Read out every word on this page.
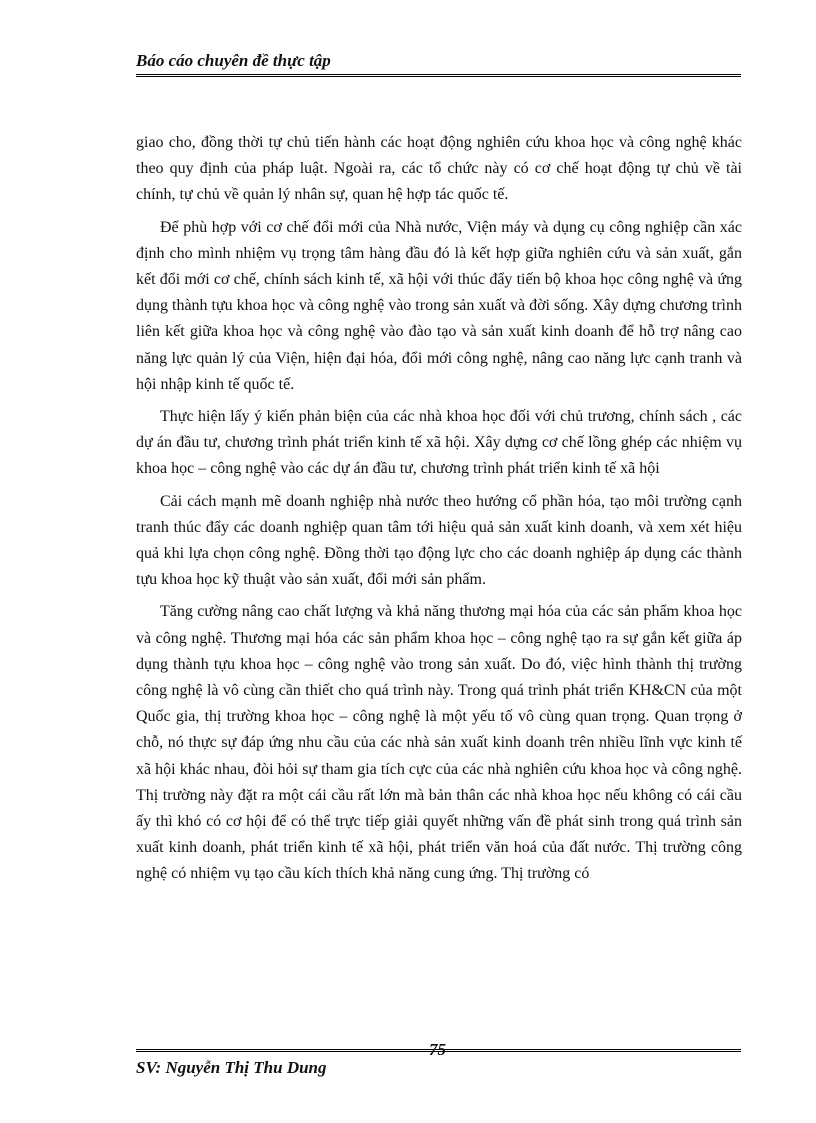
Báo cáo chuyên đề thực tập

giao cho, đồng thời tự chủ tiến hành các hoạt động nghiên cứu khoa học và công nghệ khác theo quy định của pháp luật. Ngoài ra, các tổ chức này có cơ chế hoạt động tự chủ về tài chính, tự chủ về quản lý nhân sự, quan hệ hợp tác quốc tế.

Để phù hợp với cơ chế đổi mới của Nhà nước, Viện máy và dụng cụ công nghiệp cần xác định cho mình nhiệm vụ trọng tâm hàng đầu đó là kết hợp giữa nghiên cứu và sản xuất, gắn kết đổi mới cơ chế, chính sách kinh tế, xã hội với thúc đẩy tiến bộ khoa học công nghệ và ứng dụng thành tựu khoa học và công nghệ vào trong sản xuất và đời sống. Xây dựng chương trình liên kết giữa khoa học và công nghệ vào đào tạo và sản xuất kinh doanh để hỗ trợ nâng cao năng lực quản lý của Viện, hiện đại hóa, đổi mới công nghệ, nâng cao năng lực cạnh tranh và hội nhập kinh tế quốc tế.

Thực hiện lấy ý kiến phản biện của các nhà khoa học đối với chủ trương, chính sách , các dự án đầu tư, chương trình phát triển kinh tế xã hội. Xây dựng cơ chế lồng ghép các nhiệm vụ khoa học – công nghệ vào các dự án đầu tư, chương trình phát triển kinh tế xã hội

Cải cách mạnh mẽ doanh nghiệp nhà nước theo hướng cổ phần hóa, tạo môi trường cạnh tranh thúc đẩy các doanh nghiệp quan tâm tới hiệu quả sản xuất kinh doanh, và xem xét hiệu quả khi lựa chọn công nghệ. Đồng thời tạo động lực cho các doanh nghiệp áp dụng các thành tựu khoa học kỹ thuật vào sản xuất, đổi mới sản phẩm.

Tăng cường nâng cao chất lượng và khả năng thương mại hóa của các sản phẩm khoa học và công nghệ. Thương mại hóa các sản phẩm khoa học – công nghệ tạo ra sự gắn kết giữa áp dụng thành tựu khoa học – công nghệ vào trong sản xuất. Do đó, việc hình thành thị trường công nghệ là vô cùng cần thiết cho quá trình này. Trong quá trình phát triển KH&CN của một Quốc gia, thị trường khoa học – công nghệ là một yếu tố vô cùng quan trọng. Quan trọng ở chỗ, nó thực sự đáp ứng nhu cầu của các nhà sản xuất kinh doanh trên nhiều lĩnh vực kinh tế xã hội khác nhau, đòi hỏi sự tham gia tích cực của các nhà nghiên cứu khoa học và công nghệ. Thị trường này đặt ra một cái cầu rất lớn mà bản thân các nhà khoa học nếu không có cái cầu ấy thì khó có cơ hội để có thể trực tiếp giải quyết những vấn đề phát sinh trong quá trình sản xuất kinh doanh, phát triển kinh tế xã hội, phát triển văn hoá của đất nước. Thị trường công nghệ có nhiệm vụ tạo cầu kích thích khả năng cung ứng. Thị trường có

SV: Nguyễn Thị Thu Dung
75
